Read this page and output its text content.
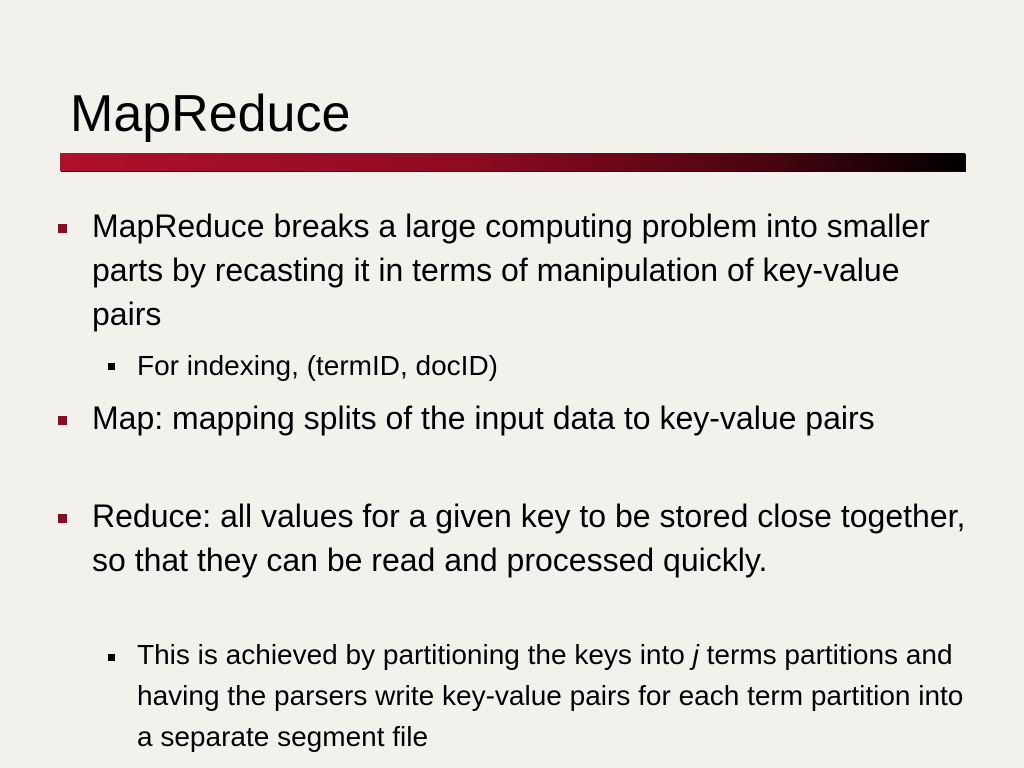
MapReduce
MapReduce breaks a large computing problem into smaller parts by recasting it in terms of manipulation of key-value pairs
For indexing, (termID, docID)
Map: mapping splits of the input data to key-value pairs
Reduce: all values for a given key to be stored close together, so that they can be read and processed quickly.
This is achieved by partitioning the keys into j terms partitions and having the parsers write key-value pairs for each term partition into a separate segment file
